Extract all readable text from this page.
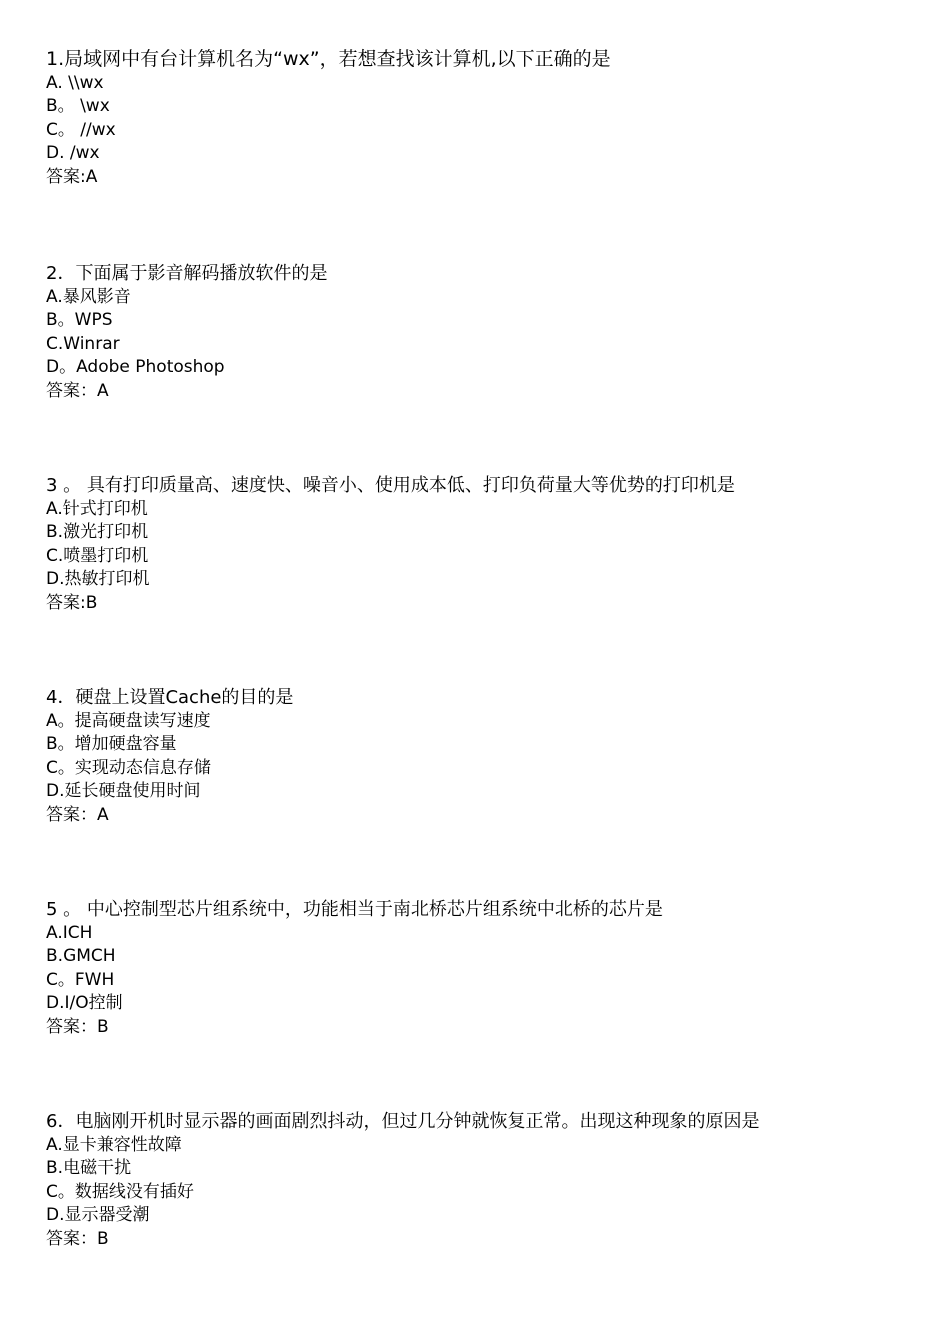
1.局域网中有台计算机名为“wx”，若想查找该计算机,以下正确的是
A. \\wx
B。 \wx
C。 //wx
D. /wx
答案:A
2．下面属于影音解码播放软件的是
A.暴风影音
B。WPS
C.Winrar
D。Adobe Photoshop
答案：A
3 。 具有打印质量高、速度快、噪音小、使用成本低、打印负荷量大等优势的打印机是
A.针式打印机
B.激光打印机
C.喷墨打印机
D.热敏打印机
答案:B
4．硬盘上设置Cache的目的是
A。提高硬盘读写速度
B。增加硬盘容量
C。实现动态信息存储
D.延长硬盘使用时间
答案：A
5 。 中心控制型芯片组系统中，功能相当于南北桥芯片组系统中北桥的芯片是
A.ICH
B.GMCH
C。FWH
D.I/O控制
答案：B
6．电脑刚开机时显示器的画面剧烈抖动，但过几分钟就恢复正常。出现这种现象的原因是
A.显卡兼容性故障
B.电磁干扰
C。数据线没有插好
D.显示器受潮
答案：B
